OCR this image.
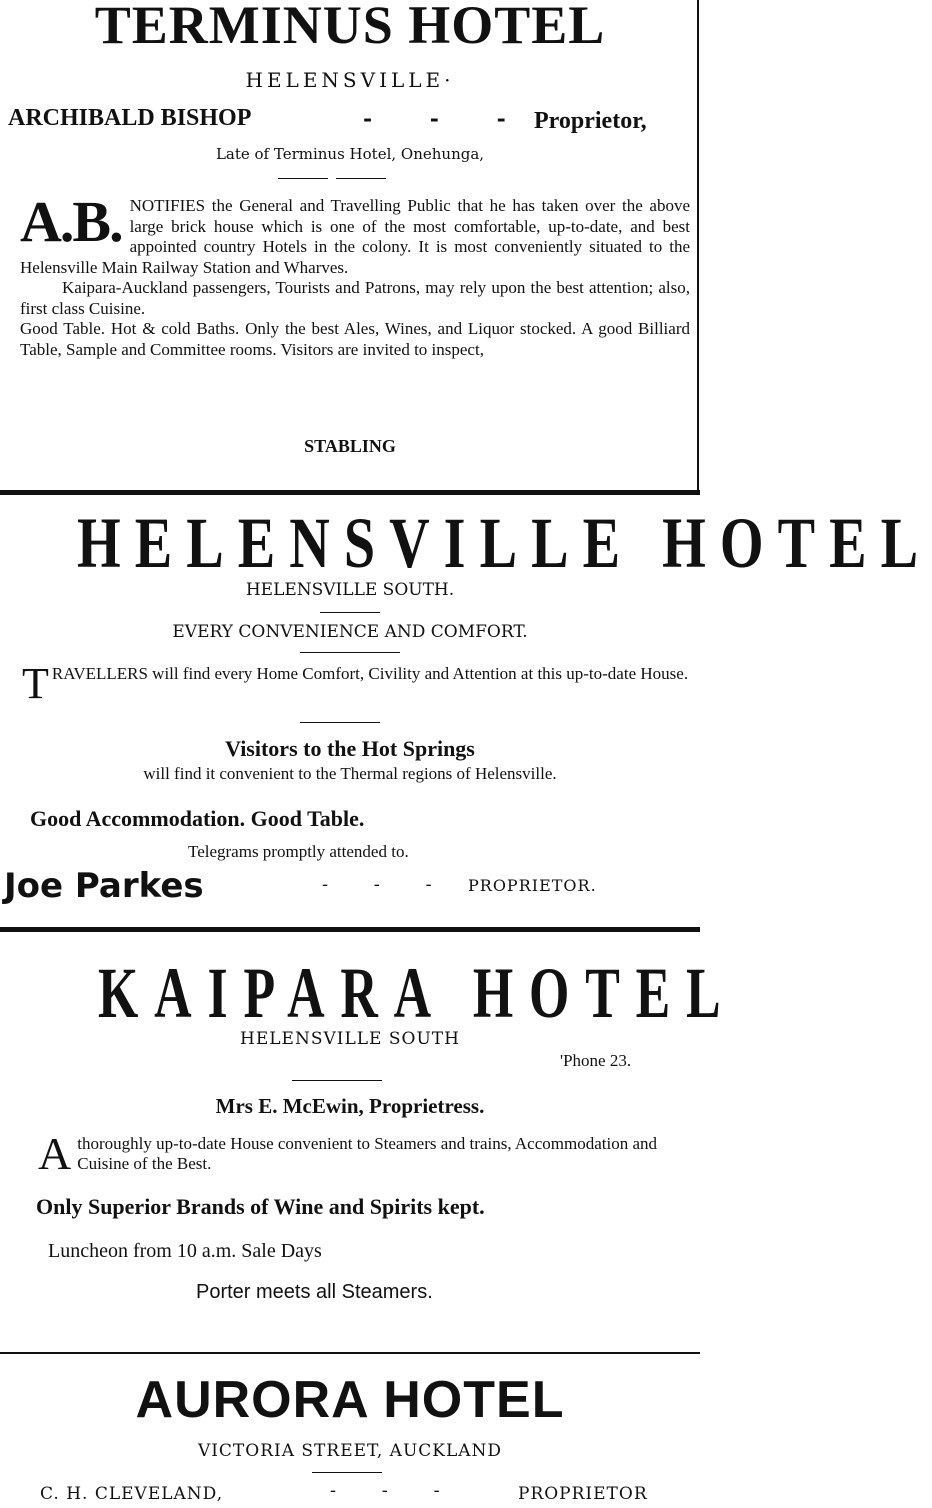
TERMINUS HOTEL
HELENSVILLE·
ARCHIBALD BISHOP	- - - Proprietor,
Late of Terminus Hotel, Onehunga,
A.B. NOTIFIES the General and Travelling Public that he has taken over the above large brick house which is one of the most comfortable, up-to-date, and best appointed country Hotels in the colony. It is most conveniently situated to the Helensville Main Railway Station and Wharves.

Kaipara-Auckland passengers, Tourists and Patrons, may rely upon the best attention; also, first class Cuisine.

Good Table. Hot & cold Baths. Only the best Ales, Wines, and Liquor stocked. A good Billiard Table, Sample and Committee rooms. Visitors are invited to inspect,

STABLING
HELENSVILLE HOTEL
HELENSVILLE SOUTH.
EVERY CONVENIENCE AND COMFORT.
TRAVELLERS will find every Home Comfort, Civility and Attention at this up-to-date House.
Visitors to the Hot Springs
will find it convenient to the Thermal regions of Helensville.
Good Accommodation. Good Table.
Telegrams promptly attended to.
Joe Parkes	- - - PROPRIETOR.
KAIPARA HOTEL
HELENSVILLE SOUTH
'Phone 23.
Mrs E. McEwin, Proprietress.
Athoroughly up-to-date House convenient to Steamers and trains, Accommodation and Cuisine of the Best.
Only Superior Brands of Wine and Spirits kept.
Luncheon from 10 a.m. Sale Days
Porter meets all Steamers.
AURORA HOTEL
VICTORIA STREET, AUCKLAND
C. H. CLEVELAND,	- - -	PROPRIETOR
